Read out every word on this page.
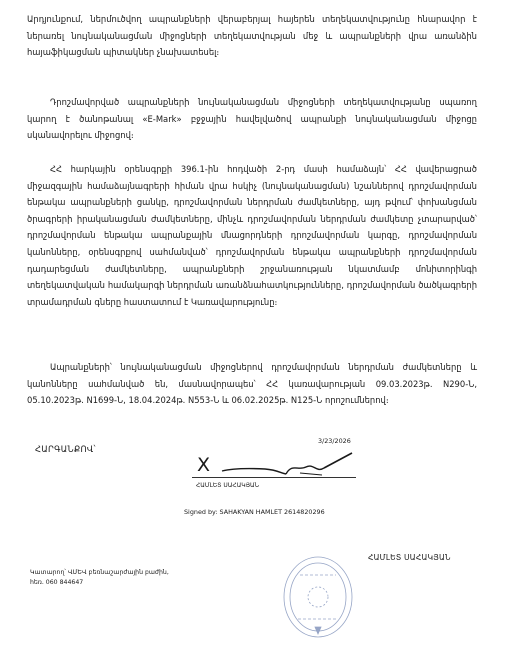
Արդյունքում, ներմուծվող ապրանքների վերաբերյալ հայերեն տեղեկատվությունը հնարավոր է ներառել նույնականացման միջոցների տեղեկատվության մեջ և ապրանքների վրա առանձին հայաֆիկացման պիտակներ չնախատեսել։

Դրոշմավորված ապրանքների նույնականացման միջոցների տեղեկատվությանը սպառող կարող է ծանոթանալ «E-Mark» բջջային հավելվածով ապրանքի նույնականացման միջոցը սկանավորելու միջոցով։

ՀՀ հարկային օրենսգրքի 396.1-ին հոդվածի 2-րդ մասի համաձայն՝ ՀՀ վավերացրած միջազգային համաձայնագրերի հիման վրա հսկիչ (նույնականացման) նշաններով դրոշմավորման ենթակա ապրանքների ցանկը, դրոշմավորման ներդրման ժամկետները, այդ թվում՝ փոխանցման ծրագրերի իրականացման ժամկետները, մինչև դրոշմավորման ներդրման ժամկետը չտարարված՝ դրոշմավորման ենթակա ապրանքային մնացորդների դրոշմավորման կարգը, դրոշմավորման կանոնները, օրենսգրքով սահմանված՝ դրոշմավորման ենթակա ապրանքների դրոշմավորման դադարեցման ժամկետները, ապրանքների շրջանառության նկատմամբ մոնիտորինգի տեղեկատվական համակարգի ներդրման առանձնահատկությունները, դրոշմավորման ծածկագրերի տրամադրման գները հաստատում է Կառավարությունը։

Ապրանքների՝ նույնականացման միջոցներով դրոշմավորման ներդրման ժամկետները և կանոնները սահմանված են, մասնավորապես՝ ՀՀ կառավարության 09.03.2023թ. N290-Ն, 05.10.2023թ. N1699-Ն, 18.04.2024թ. N553-Ն և 06.02.2025թ. N125-Ն որոշումներով։

ՀԱՐԳԱՆՔՈՎ՝

3/23/2026
X
ՀԱՄԼԵՏ ՍԱՀԱԿՅԱՆ
Signed by: SAHAKYAN HAMLET 2614820296
ՀԱՄԼԵՏ ՍԱՀԱԿՅԱՆ
Կատարող՝ ՎՄԵՎ բեռնաշարժային բաժին,
հեռ. 060 844647
